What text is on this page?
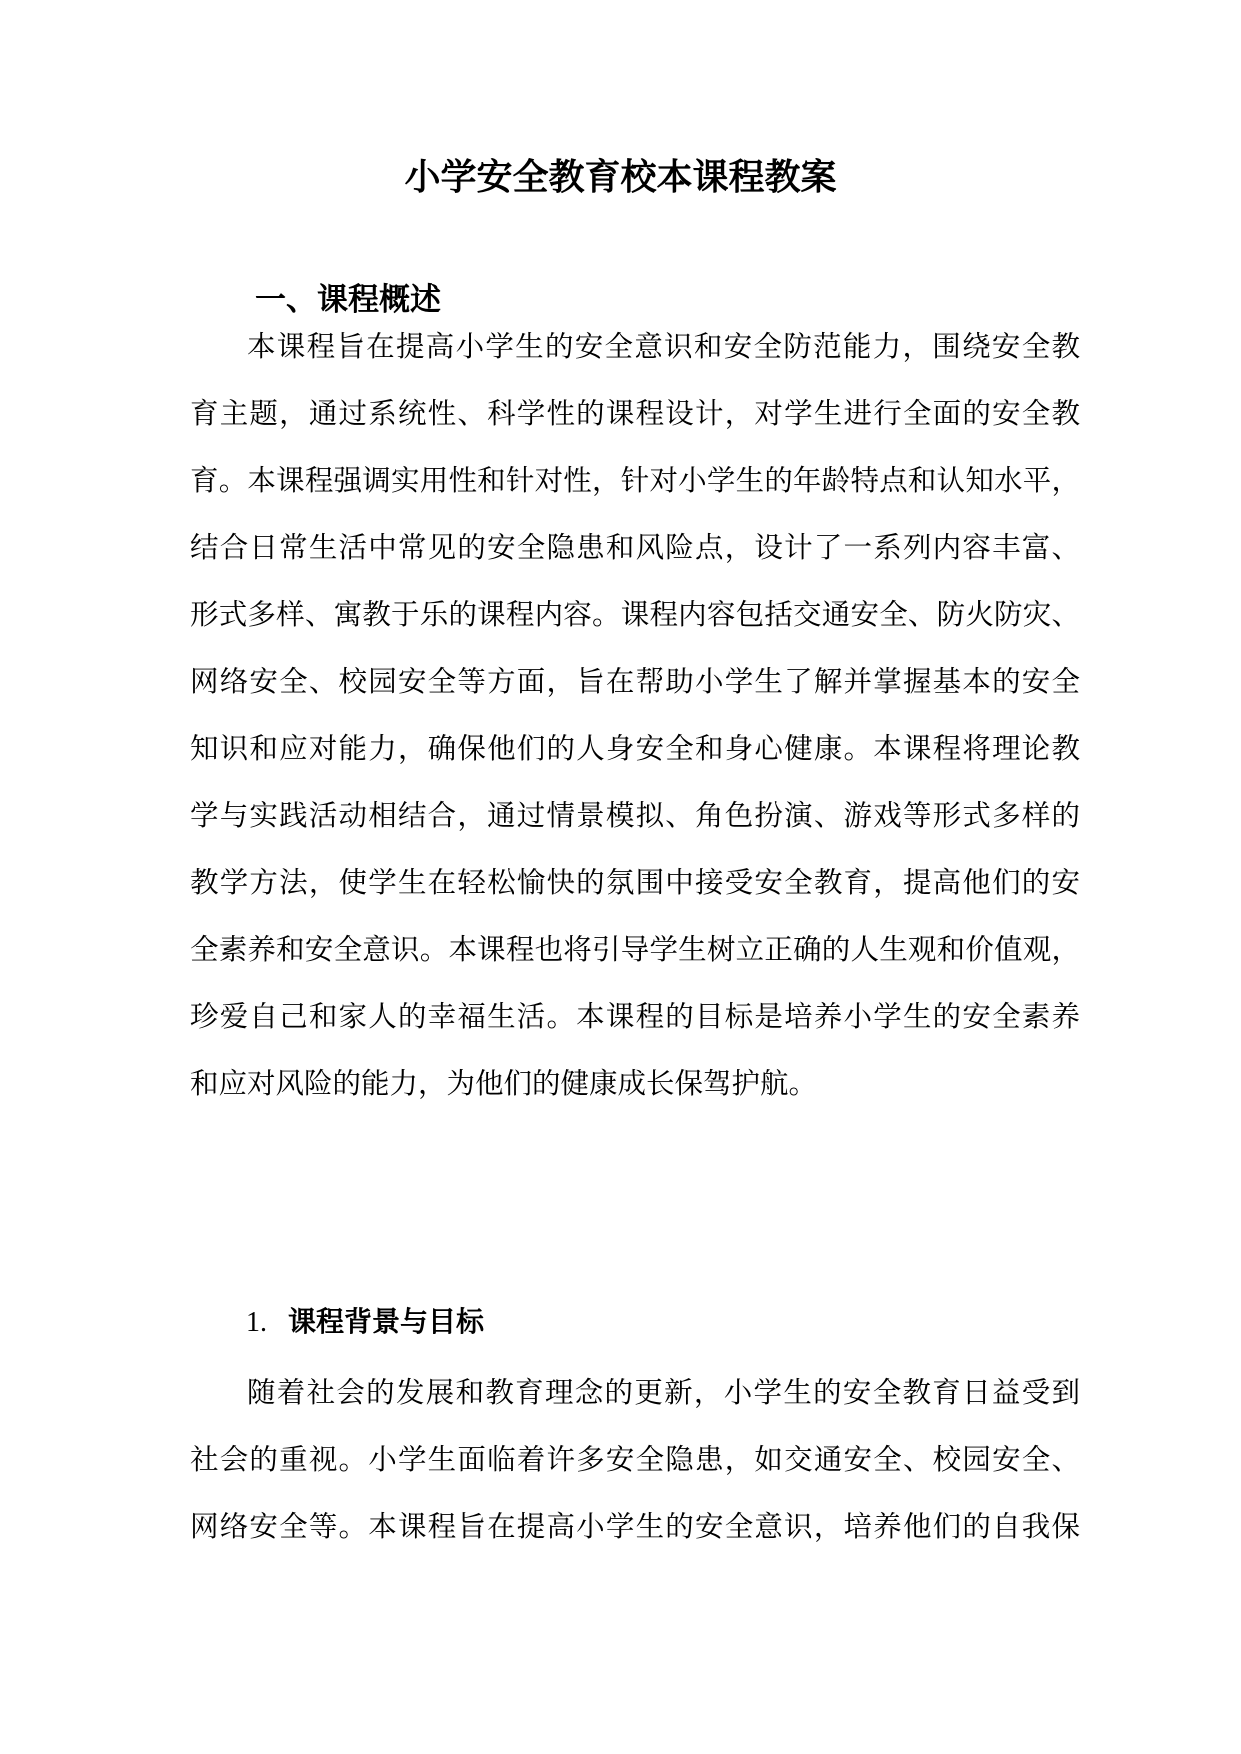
小学安全教育校本课程教案
一、课程概述
本课程旨在提高小学生的安全意识和安全防范能力，围绕安全教
育主题，通过系统性、科学性的课程设计，对学生进行全面的安全教
育。本课程强调实用性和针对性，针对小学生的年龄特点和认知水平，
结合日常生活中常见的安全隐患和风险点，设计了一系列内容丰富、
形式多样、寓教于乐的课程内容。课程内容包括交通安全、防火防灾、
网络安全、校园安全等方面，旨在帮助小学生了解并掌握基本的安全
知识和应对能力，确保他们的人身安全和身心健康。本课程将理论教
学与实践活动相结合，通过情景模拟、角色扮演、游戏等形式多样的
教学方法，使学生在轻松愉快的氛围中接受安全教育，提高他们的安
全素养和安全意识。本课程也将引导学生树立正确的人生观和价值观，
珍爱自己和家人的幸福生活。本课程的目标是培养小学生的安全素养
和应对风险的能力，为他们的健康成长保驾护航。
1. 课程背景与目标
随着社会的发展和教育理念的更新，小学生的安全教育日益受到
社会的重视。小学生面临着许多安全隐患，如交通安全、校园安全、
网络安全等。本课程旨在提高小学生的安全意识，培养他们的自我保
